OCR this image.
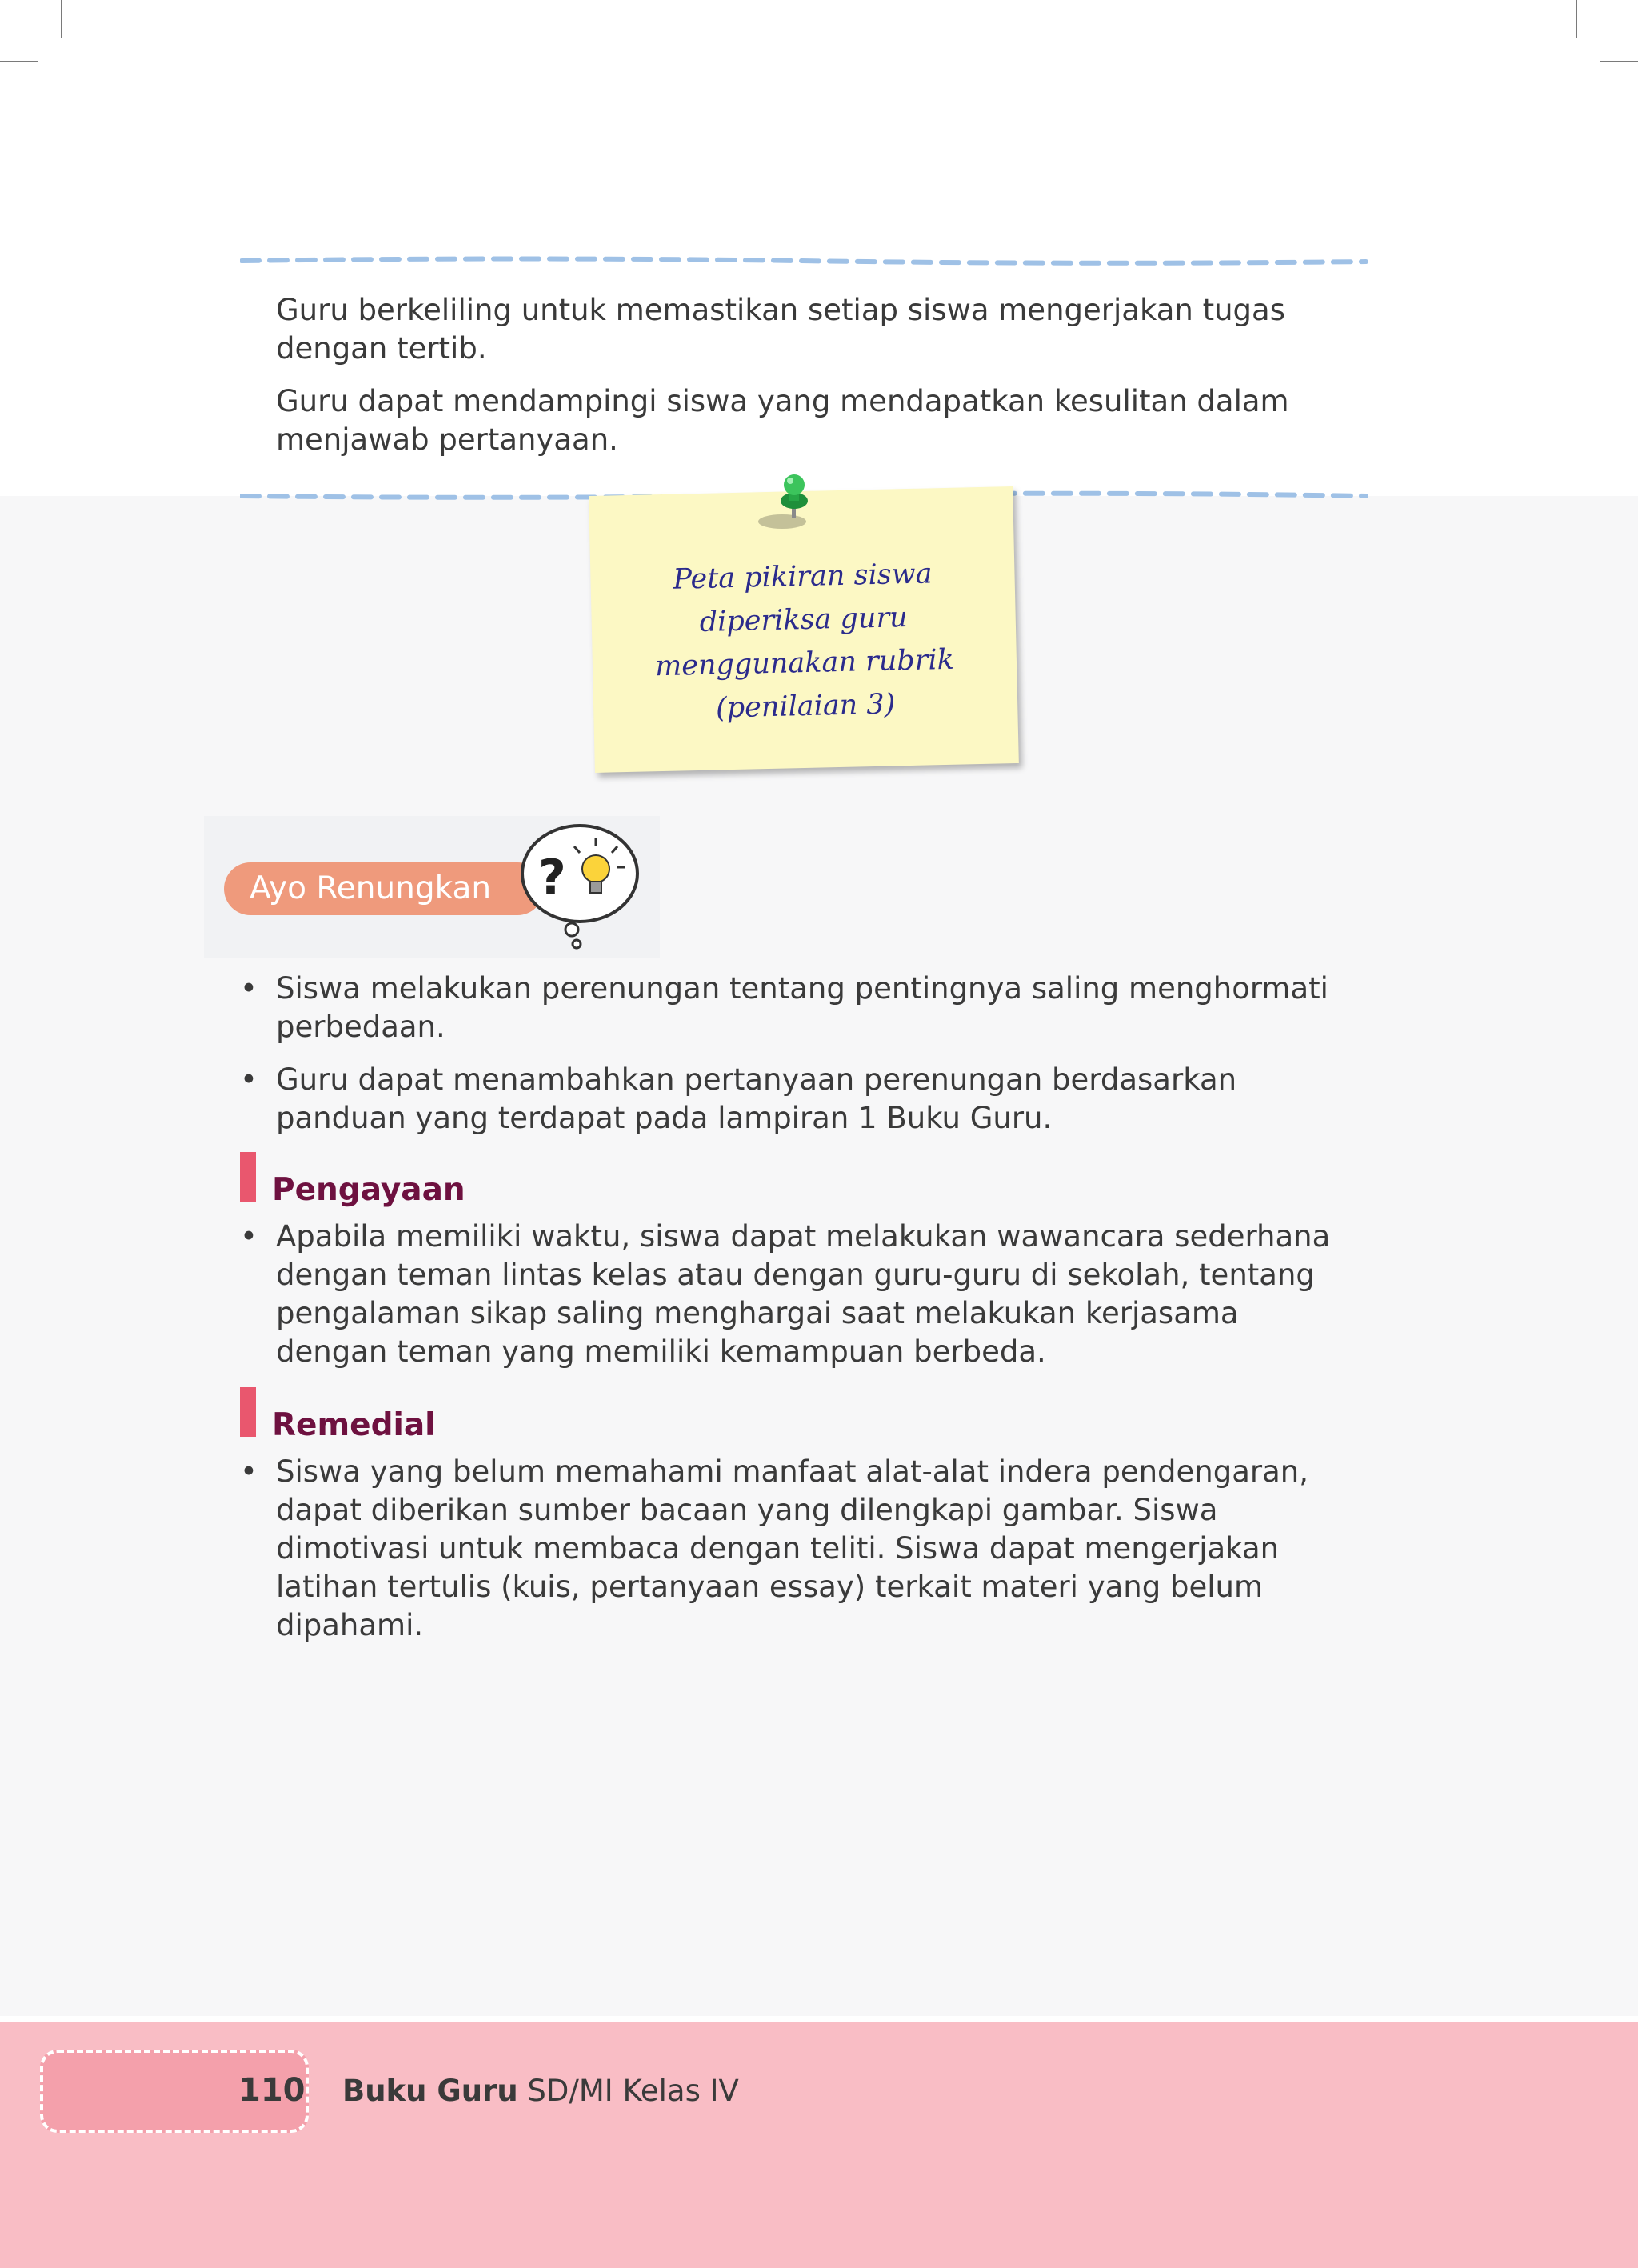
Guru berkeliling untuk memastikan setiap siswa mengerjakan tugas dengan tertib.

Guru dapat mendampingi siswa yang mendapatkan kesulitan dalam menjawab pertanyaan.

Peta pikiran siswa
diperiksa guru
menggunakan rubrik
(penilaian 3)

Ayo Renungkan ?
• Siswa melakukan perenungan tentang pentingnya saling menghormati perbedaan.

• Guru dapat menambahkan pertanyaan perenungan berdasarkan panduan yang terdapat pada lampiran 1 Buku Guru.

Pengayaan
• Apabila memiliki waktu, siswa dapat melakukan wawancara sederhana dengan teman lintas kelas atau dengan guru-guru di sekolah, tentang pengalaman sikap saling menghargai saat melakukan kerjasama dengan teman yang memiliki kemampuan berbeda.

Remedial
• Siswa yang belum memahami manfaat alat-alat indera pendengaran, dapat diberikan sumber bacaan yang dilengkapi gambar. Siswa dimotivasi untuk membaca dengan teliti. Siswa dapat mengerjakan latihan tertulis (kuis, pertanyaan essay) terkait materi yang belum dipahami.

110 Buku Guru SD/MI Kelas IV
